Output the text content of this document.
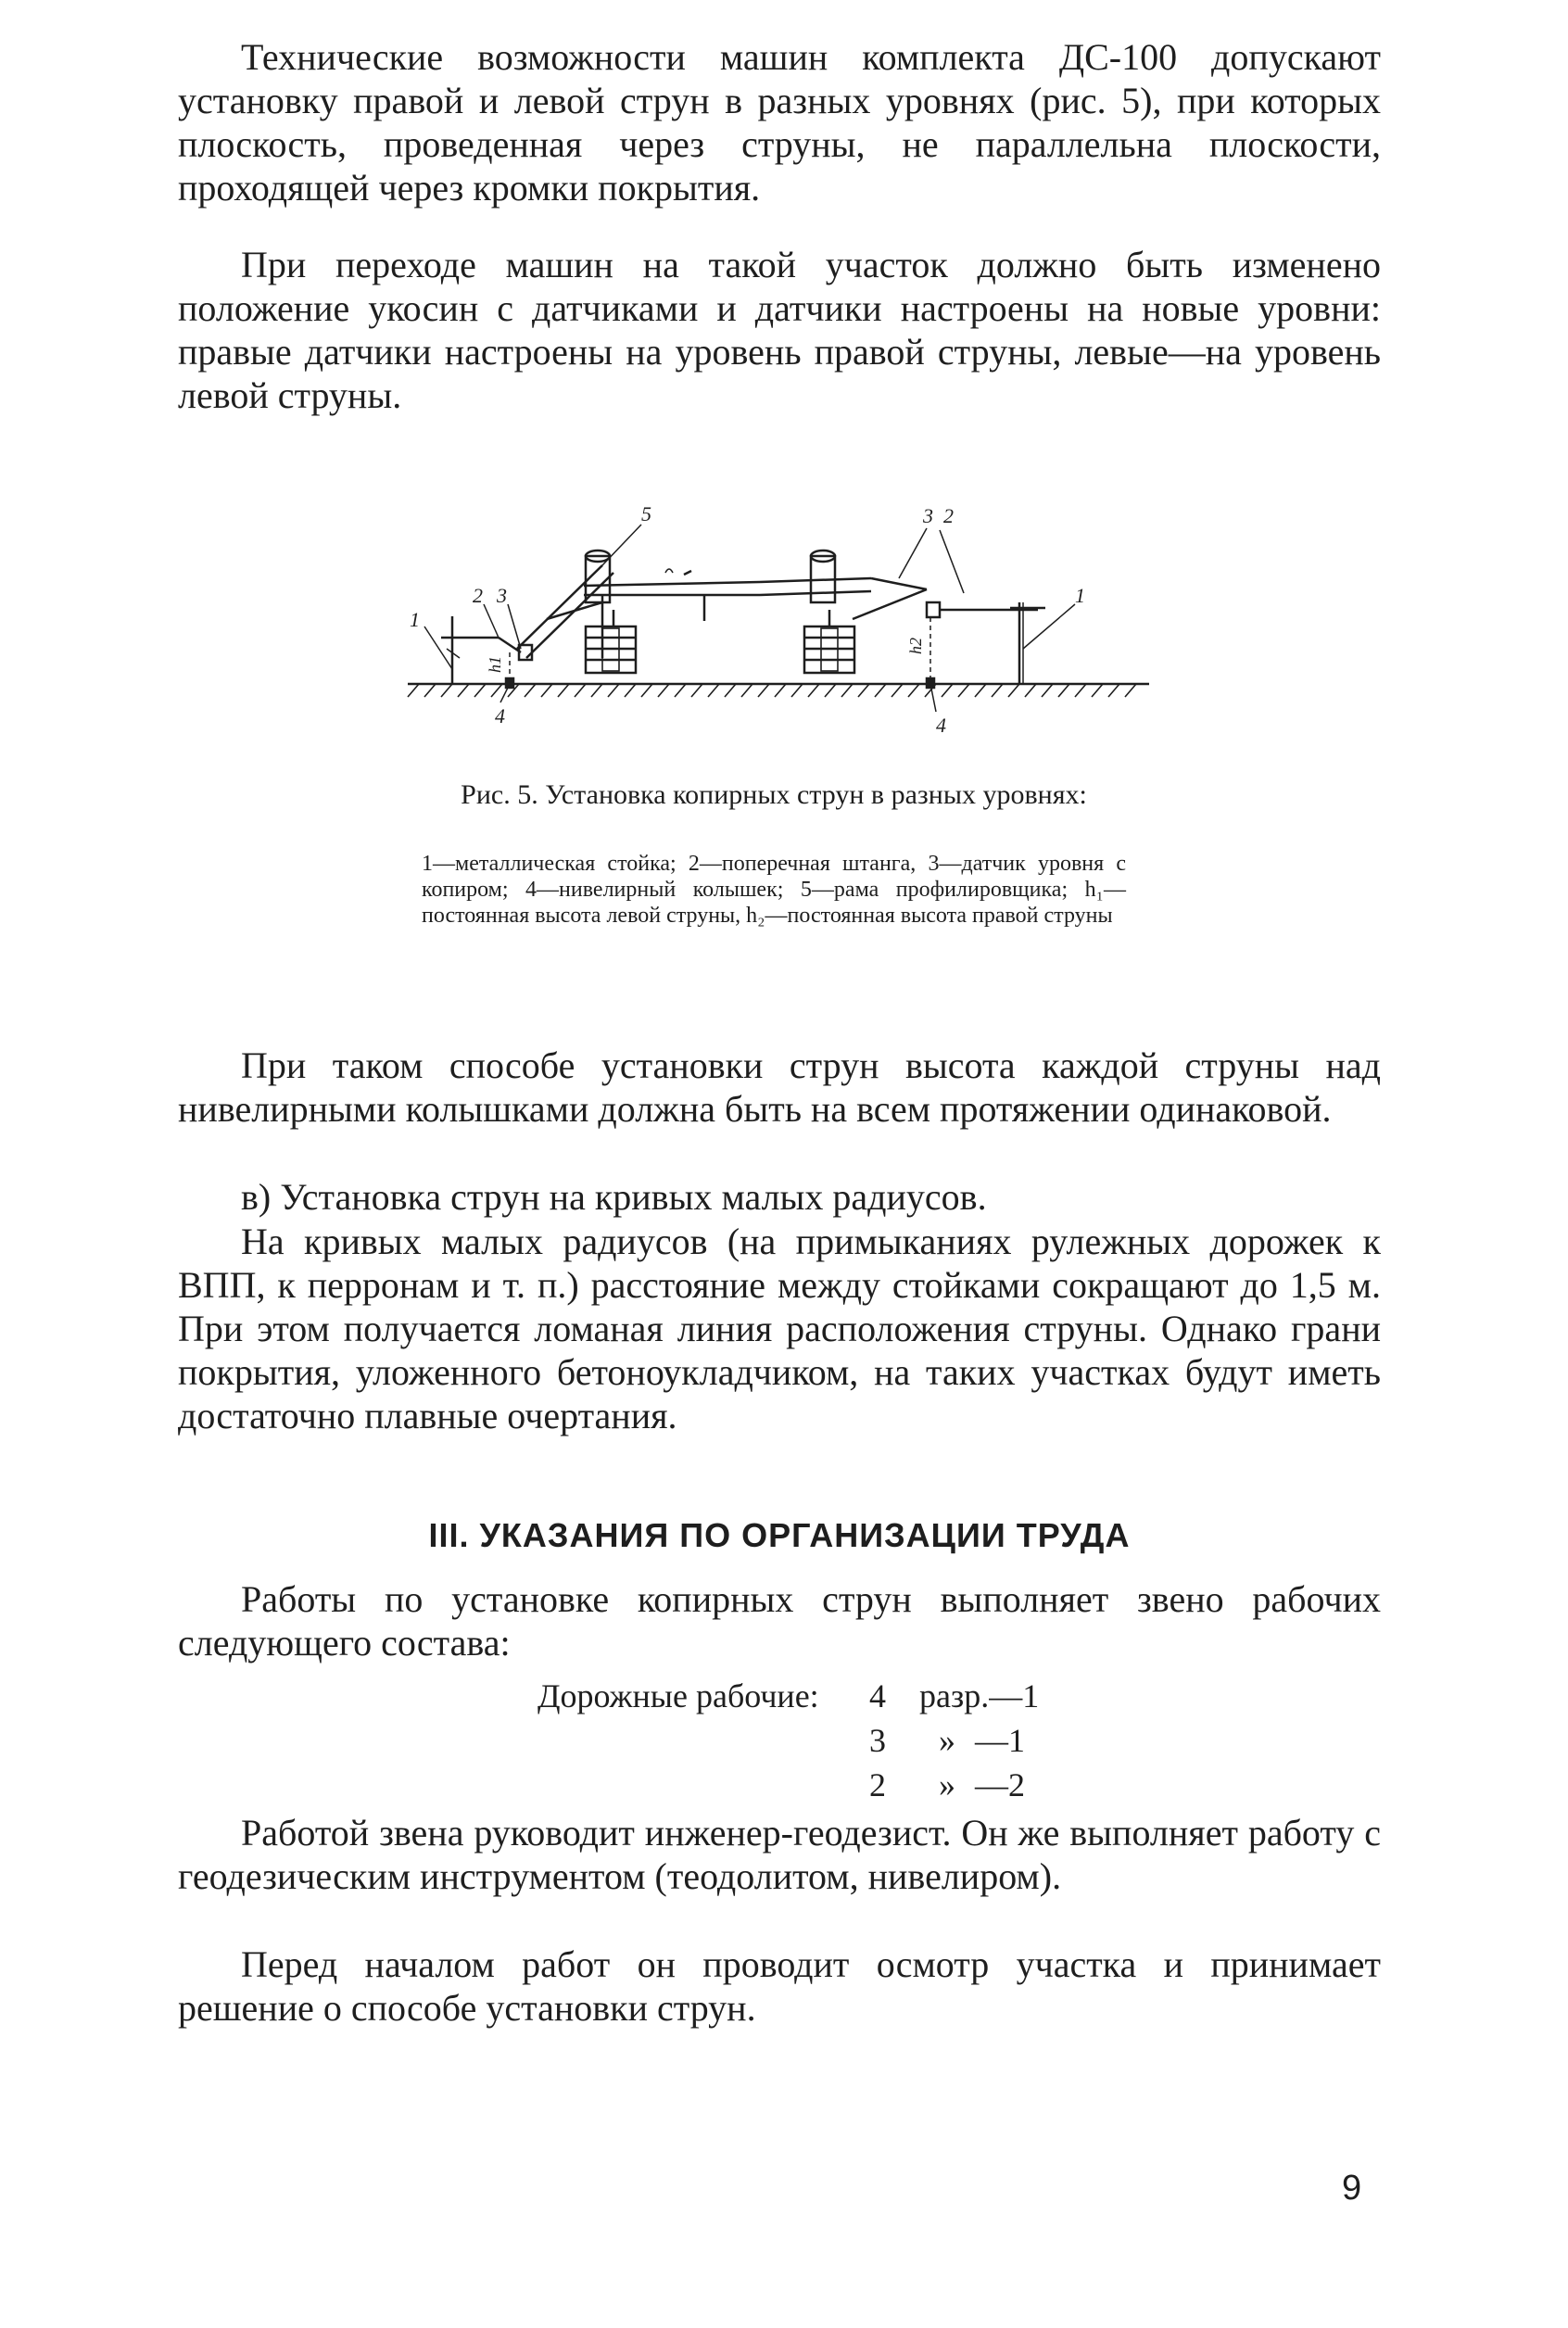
Технические возможности машин комплекта ДС-100 допускают установку правой и левой струн в разных уровнях (рис. 5), при которых плоскость, проведенная через струны, не параллельна плоскости, проходящей через кромки покрытия.

При переходе машин на такой участок должно быть изменено положение укосин с датчиками и датчики настроены на новые уровни: правые датчики настроены на уровень правой струны, левые—на уровень левой струны.

1
2 3
5	3 2
1
4	4
h1
h2
Рис. 5. Установка копирных струн в разных уровнях:
1—металлическая стойка; 2—поперечная штанга, 3—датчик уровня с копиром; 4—нивелирный колышек; 5—рама профилировщика; h₁—постоянная высота левой струны, h₂—постоянная высота правой струны

При таком способе установки струн высота каждой струны над нивелирными колышками должна быть на всем протяжении одинаковой.

в) Установка струн на кривых малых радиусов.

На кривых малых радиусов (на примыканиях рулежных дорожек к ВПП, к перронам и т. п.) расстояние между стойками сокращают до 1,5 м. При этом получается ломаная линия расположения струны. Однако грани покрытия, уложенного бетоноукладчиком, на таких участках будут иметь достаточно плавные очертания.

III. УКАЗАНИЯ ПО ОРГАНИЗАЦИИ ТРУДА

Работы по установке копирных струн выполняет звено рабочих следующего состава:

Дорожные рабочие:	4	разр. —1
3	» —1
2	» —2

Работой звена руководит инженер-геодезист. Он же выполняет работу с геодезическим инструментом (теодолитом, нивелиром).

Перед началом работ он проводит осмотр участка и принимает решение о способе установки струн.

9
